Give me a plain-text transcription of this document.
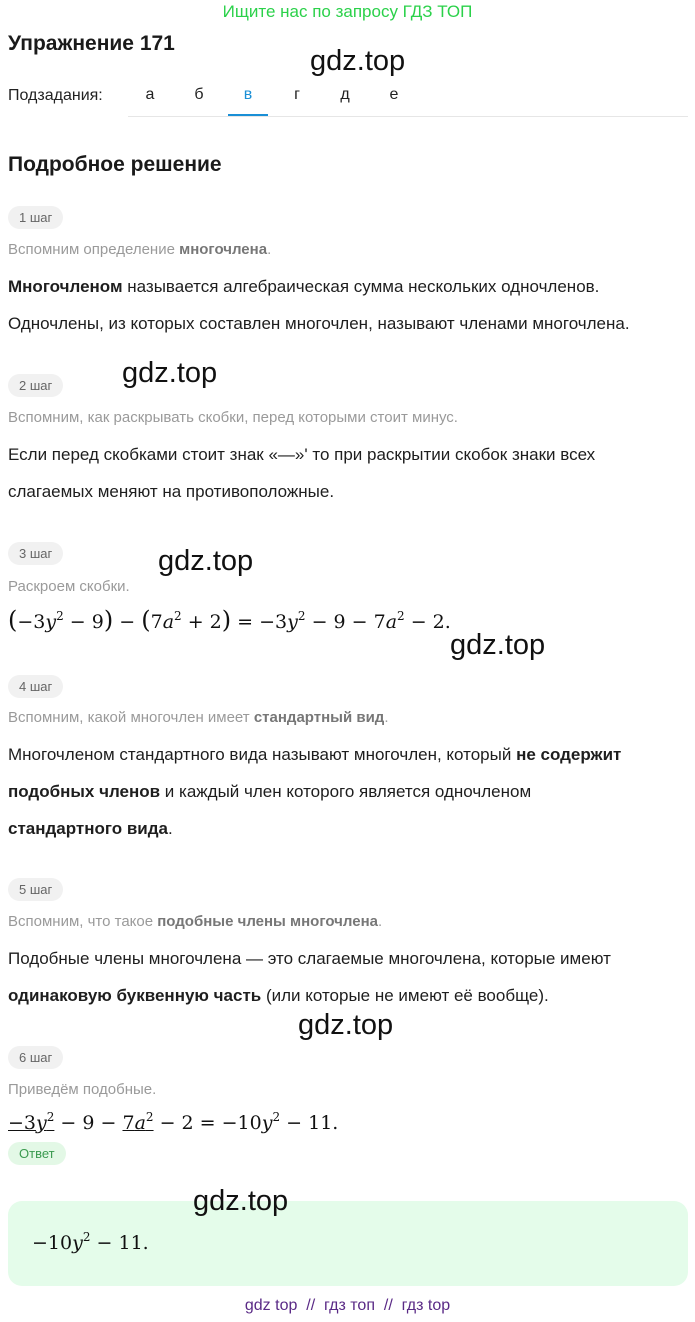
Ищите нас по запросу ГДЗ ТОП
Упражнение 171
gdz.top
Подзадания:	а	б	в	г	д	е
Подробное решение
1 шаг
Вспомним определение многочлена.
Многочленом называется алгебраическая сумма нескольких одночленов.
Одночлены, из которых составлен многочлен, называют членами многочлена.
2 шаг	gdz.top
Вспомним, как раскрывать скобки, перед которыми стоит минус.
Если перед скобками стоит знак «—»' то при раскрытии скобок знаки всех
слагаемых меняют на противоположные.
3 шаг	gdz.top
Раскроем скобки.
$(-3y^2 - 9) - (7a^2 + 2) = -3y^2 - 9 - 7a^2 - 2$.
gdz.top
4 шаг
Вспомним, какой многочлен имеет стандартный вид.
Многочленом стандартного вида называют многочлен, который не содержит
подобных членов и каждый член которого является одночленом
стандартного вида.
5 шаг
Вспомним, что такое подобные члены многочлена.
Подобные члены многочлена — это слагаемые многочлена, которые имеют
одинаковую буквенную часть (или которые не имеют её вообще).
gdz.top
6 шаг
Приведём подобные.
$-3y^2 - 9 - 7a^2 - 2 = -10y^2 - 11$.
Ответ
$-10y^2 - 11$.
gdz.top
gdz top  //  гдз топ  //  гдз top
